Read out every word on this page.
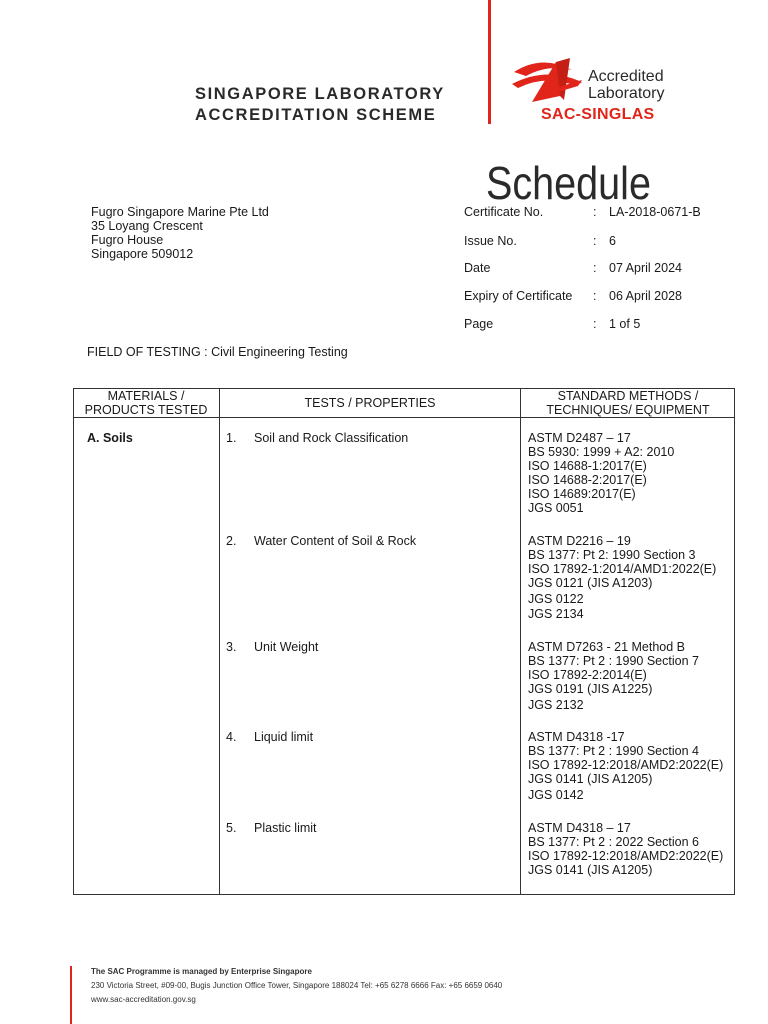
SINGAPORE LABORATORY
ACCREDITATION SCHEME
Accredited
Laboratory
SAC-SINGLAS
Schedule
Fugro Singapore Marine Pte Ltd
35 Loyang Crescent
Fugro House
Singapore 509012
Certificate No.	: LA-2018-0671-B
Issue No.	: 6
Date	: 07 April 2024
Expiry of Certificate : 06 April 2028
Page	: 1 of 5
FIELD OF TESTING : Civil Engineering Testing
MATERIALS /
PRODUCTS TESTED	TESTS / PROPERTIES	STANDARD METHODS /
TECHNIQUES/ EQUIPMENT
A. Soils	1. Soil and Rock Classification	ASTM D2487 – 17
BS 5930: 1999 + A2: 2010
ISO 14688-1:2017(E)
ISO 14688-2:2017(E)
ISO 14689:2017(E)
JGS 0051
2. Water Content of Soil & Rock	ASTM D2216 – 19
BS 1377: Pt 2: 1990 Section 3
ISO 17892-1:2014/AMD1:2022(E)
JGS 0121 (JIS A1203)
JGS 0122
JGS 2134
3. Unit Weight	ASTM D7263 - 21 Method B
BS 1377: Pt 2 : 1990 Section 7
ISO 17892-2:2014(E)
JGS 0191 (JIS A1225)
JGS 2132
4. Liquid limit	ASTM D4318 -17
BS 1377: Pt 2 : 1990 Section 4
ISO 17892-12:2018/AMD2:2022(E)
JGS 0141 (JIS A1205)
JGS 0142
5. Plastic limit	ASTM D4318 – 17
BS 1377: Pt 2 : 2022 Section 6
ISO 17892-12:2018/AMD2:2022(E)
JGS 0141 (JIS A1205)
The SAC Programme is managed by Enterprise Singapore
230 Victoria Street, #09-00, Bugis Junction Office Tower, Singapore 188024 Tel: +65 6278 6666 Fax: +65 6659 0640
www.sac-accreditation.gov.sg
